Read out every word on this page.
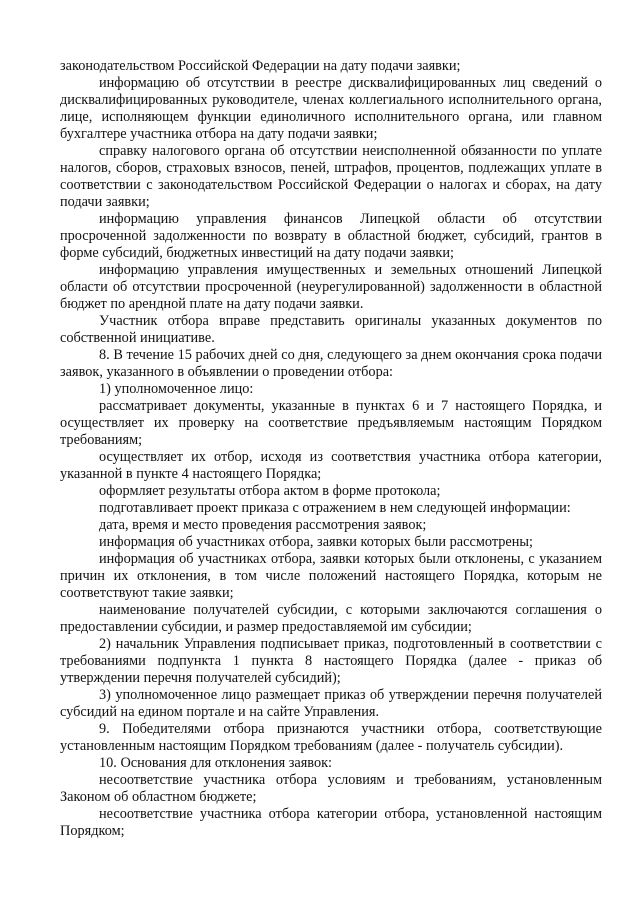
законодательством Российской Федерации на дату подачи заявки;

информацию об отсутствии в реестре дисквалифицированных лиц сведений о дисквалифицированных руководителе, членах коллегиального исполнительного органа, лице, исполняющем функции единоличного исполнительного органа, или главном бухгалтере участника отбора на дату подачи заявки;

справку налогового органа об отсутствии неисполненной обязанности по уплате налогов, сборов, страховых взносов, пеней, штрафов, процентов, подлежащих уплате в соответствии с законодательством Российской Федерации о налогах и сборах, на дату подачи заявки;

информацию управления финансов Липецкой области об отсутствии просроченной задолженности по возврату в областной бюджет, субсидий, грантов в форме субсидий, бюджетных инвестиций на дату подачи заявки;

информацию управления имущественных и земельных отношений Липецкой области об отсутствии просроченной (неурегулированной) задолженности в областной бюджет по арендной плате на дату подачи заявки.

Участник отбора вправе представить оригиналы указанных документов по собственной инициативе.

8. В течение 15 рабочих дней со дня, следующего за днем окончания срока подачи заявок, указанного в объявлении о проведении отбора:

1) уполномоченное лицо:

рассматривает документы, указанные в пунктах 6 и 7 настоящего Порядка, и осуществляет их проверку на соответствие предъявляемым настоящим Порядком требованиям;

осуществляет их отбор, исходя из соответствия участника отбора категории, указанной в пункте 4 настоящего Порядка;

оформляет результаты отбора актом в форме протокола;

подготавливает проект приказа с отражением в нем следующей информации:

дата, время и место проведения рассмотрения заявок;

информация об участниках отбора, заявки которых были рассмотрены;

информация об участниках отбора, заявки которых были отклонены, с указанием причин их отклонения, в том числе положений настоящего Порядка, которым не соответствуют такие заявки;

наименование получателей субсидии, с которыми заключаются соглашения о предоставлении субсидии, и размер предоставляемой им субсидии;

2) начальник Управления подписывает приказ, подготовленный в соответствии с требованиями подпункта 1 пункта 8 настоящего Порядка (далее - приказ об утверждении перечня получателей субсидий);

3) уполномоченное лицо размещает приказ об утверждении перечня получателей субсидий на едином портале и на сайте Управления.

9. Победителями отбора признаются участники отбора, соответствующие установленным настоящим Порядком требованиям (далее - получатель субсидии).

10. Основания для отклонения заявок:

несоответствие участника отбора условиям и требованиям, установленным Законом об областном бюджете;

несоответствие участника отбора категории отбора, установленной настоящим Порядком;
